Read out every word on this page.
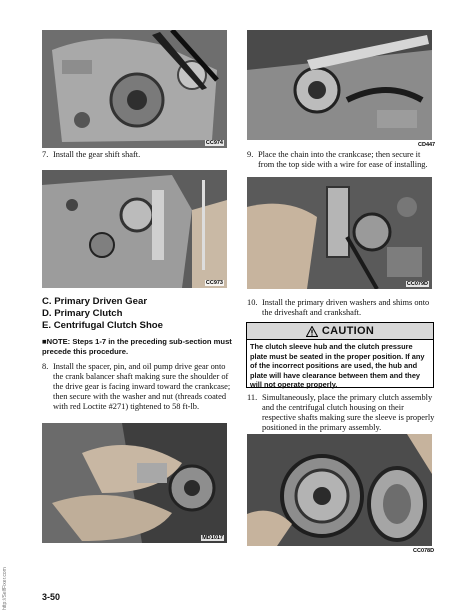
CC974
7. Install the gear shift shaft.
CC973
C. Primary Driven Gear
D. Primary Clutch
E. Centrifugal Clutch Shoe
■NOTE: Steps 1-7 in the preceding sub-section must precede this procedure.
8. Install the spacer, pin, and oil pump drive gear onto the crank balancer shaft making sure the shoulder of the drive gear is facing inward toward the crankcase; then secure with the washer and nut (threads coated with red Loctite #271) tightened to 58 ft-lb.
MD1017
CD447
9. Place the chain into the crankcase; then secure it from the top side with a wire for ease of installing.
CC079D
10. Install the primary driven washers and shims onto the driveshaft and crankshaft.
CAUTION
The clutch sleeve hub and the clutch pressure plate must be seated in the proper position. If any of the incorrect positions are used, the hub and plate will have clearance between them and they will not operate properly.
11. Simultaneously, place the primary clutch assembly and the centrifugal clutch housing on their respective shafts making sure the sleeve is properly positioned in the primary assembly.
CC078D
3-50
http://SelfFixer.com
